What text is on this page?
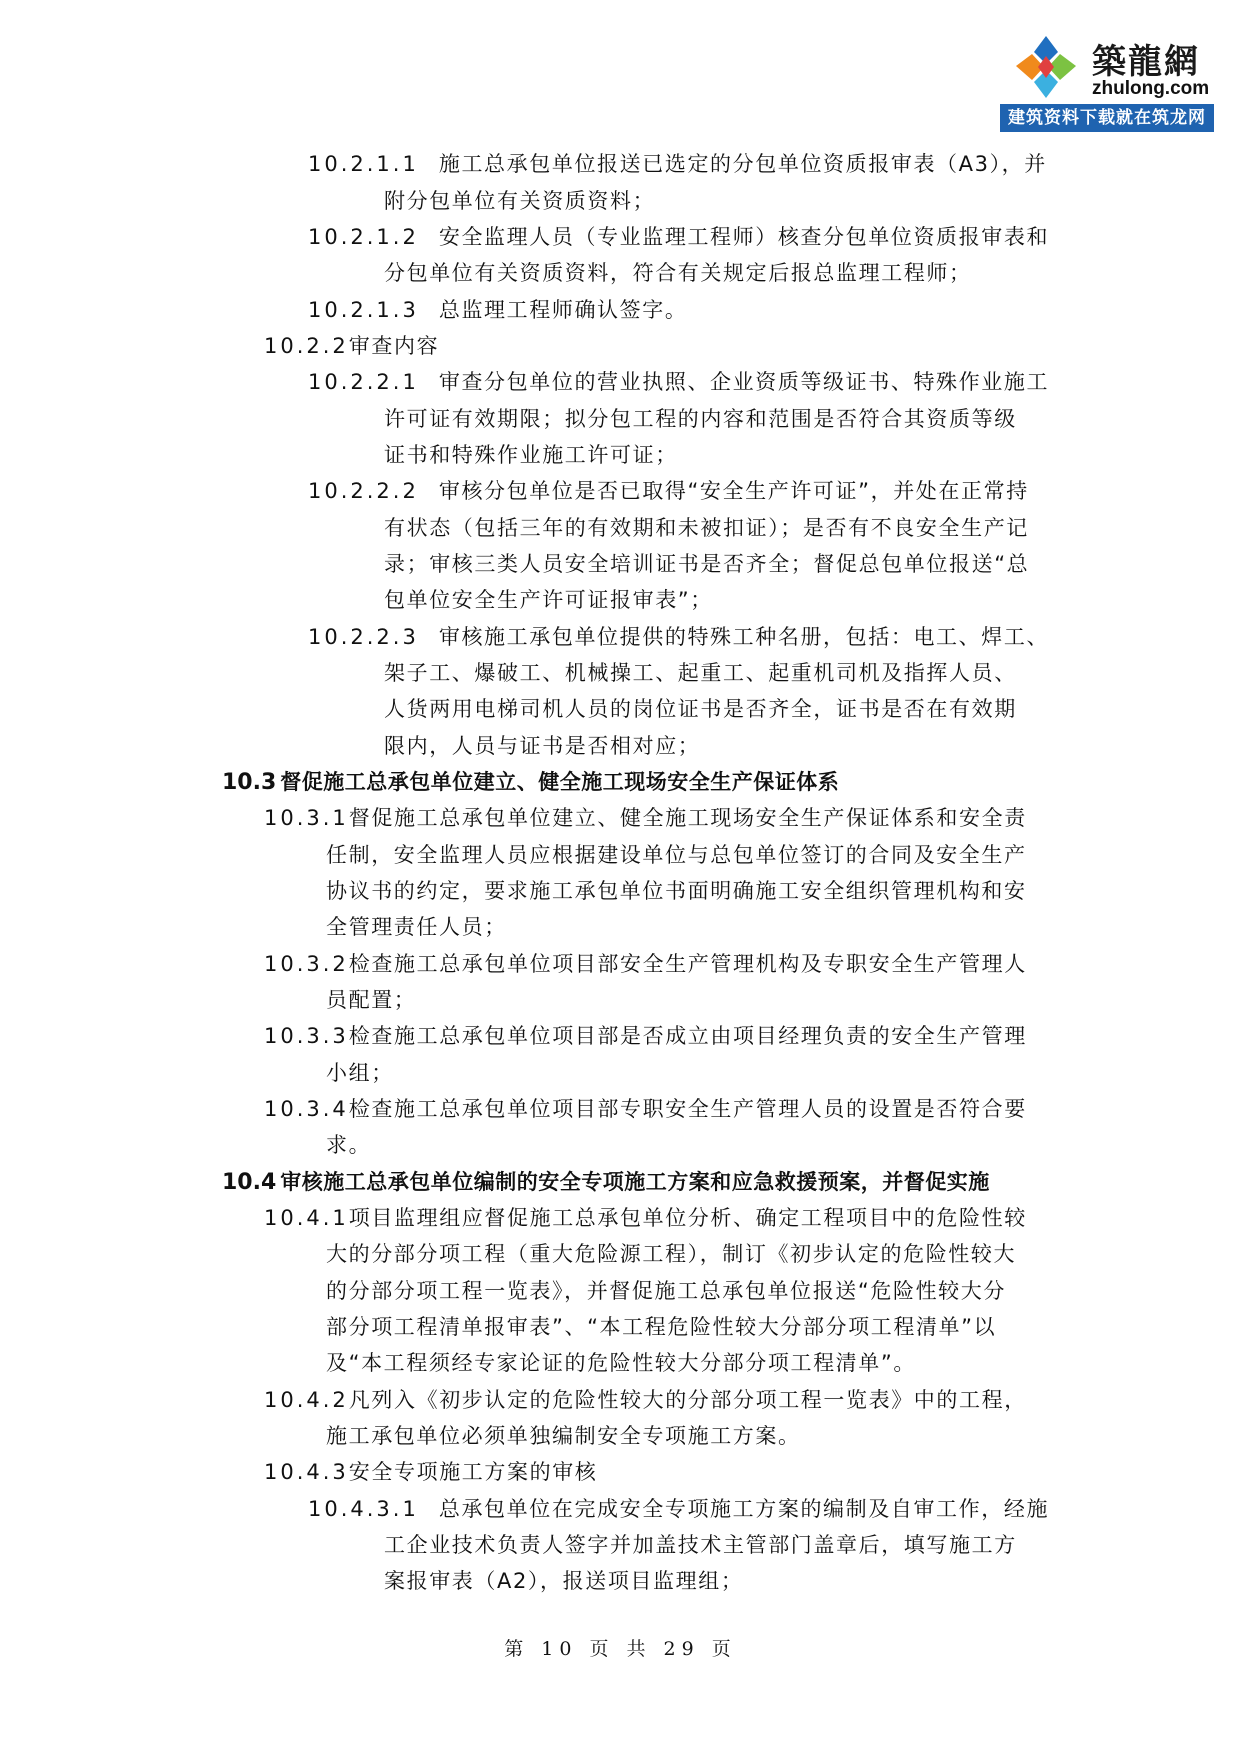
築龍網
zhulong.com
建筑资料下载就在筑龙网
10.2.1.1 施工总承包单位报送已选定的分包单位资质报审表（A3），并
附分包单位有关资质资料；
10.2.1.2 安全监理人员（专业监理工程师）核查分包单位资质报审表和
分包单位有关资质资料，符合有关规定后报总监理工程师；
10.2.1.3 总监理工程师确认签字。
10.2.2审查内容
10.2.2.1 审查分包单位的营业执照、企业资质等级证书、特殊作业施工
许可证有效期限；拟分包工程的内容和范围是否符合其资质等级
证书和特殊作业施工许可证；
10.2.2.2 审核分包单位是否已取得“安全生产许可证”，并处在正常持
有状态（包括三年的有效期和未被扣证）；是否有不良安全生产记
录；审核三类人员安全培训证书是否齐全；督促总包单位报送“总
包单位安全生产许可证报审表”；
10.2.2.3 审核施工承包单位提供的特殊工种名册，包括：电工、焊工、
架子工、爆破工、机械操工、起重工、起重机司机及指挥人员、
人货两用电梯司机人员的岗位证书是否齐全，证书是否在有效期
限内，人员与证书是否相对应；
10.3 督促施工总承包单位建立、健全施工现场安全生产保证体系
10.3.1督促施工总承包单位建立、健全施工现场安全生产保证体系和安全责
任制，安全监理人员应根据建设单位与总包单位签订的合同及安全生产
协议书的约定，要求施工承包单位书面明确施工安全组织管理机构和安
全管理责任人员；
10.3.2检查施工总承包单位项目部安全生产管理机构及专职安全生产管理人
员配置；
10.3.3检查施工总承包单位项目部是否成立由项目经理负责的安全生产管理
小组；
10.3.4检查施工总承包单位项目部专职安全生产管理人员的设置是否符合要
求。
10.4 审核施工总承包单位编制的安全专项施工方案和应急救援预案，并督促实施
10.4.1项目监理组应督促施工总承包单位分析、确定工程项目中的危险性较
大的分部分项工程（重大危险源工程），制订《初步认定的危险性较大
的分部分项工程一览表》，并督促施工总承包单位报送“危险性较大分
部分项工程清单报审表”、“本工程危险性较大分部分项工程清单”以
及“本工程须经专家论证的危险性较大分部分项工程清单”。
10.4.2凡列入《初步认定的危险性较大的分部分项工程一览表》中的工程，
施工承包单位必须单独编制安全专项施工方案。
10.4.3安全专项施工方案的审核
10.4.3.1 总承包单位在完成安全专项施工方案的编制及自审工作，经施
工企业技术负责人签字并加盖技术主管部门盖章后，填写施工方
案报审表（A2），报送项目监理组；
第 10 页 共 29 页
